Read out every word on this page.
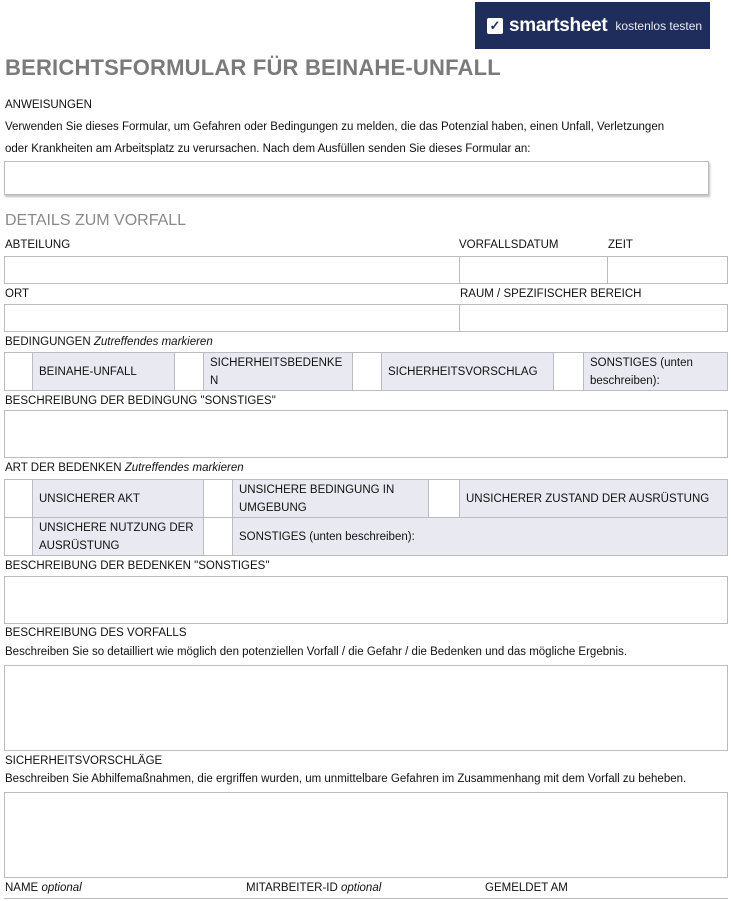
✓ smartsheet kostenlos testen
BERICHTSFORMULAR FÜR BEINAHE-UNFALL
ANWEISUNGEN
Verwenden Sie dieses Formular, um Gefahren oder Bedingungen zu melden, die das Potenzial haben, einen Unfall, Verletzungen
oder Krankheiten am Arbeitsplatz zu verursachen. Nach dem Ausfüllen senden Sie dieses Formular an:
DETAILS ZUM VORFALL
ABTEILUNG	VORFALLSDATUM	ZEIT
ORT	RAUM / SPEZIFISCHER BEREICH
BEDINGUNGEN Zutreffendes markieren
BEINAHE-UNFALL
SICHERHEITSBEDENKEN
SICHERHEITSVORSCHLAG
SONSTIGES (unten beschreiben):
BESCHREIBUNG DER BEDINGUNG "SONSTIGES"
ART DER BEDENKEN Zutreffendes markieren
UNSICHERER AKT
UNSICHERE BEDINGUNG IN UMGEBUNG
UNSICHERER ZUSTAND DER AUSRÜSTUNG
UNSICHERE NUTZUNG DER AUSRÜSTUNG
SONSTIGES (unten beschreiben):
BESCHREIBUNG DER BEDENKEN "SONSTIGES"
BESCHREIBUNG DES VORFALLS
Beschreiben Sie so detailliert wie möglich den potenziellen Vorfall / die Gefahr / die Bedenken und das mögliche Ergebnis.
SICHERHEITSVORSCHLÄGE
Beschreiben Sie Abhilfemaßnahmen, die ergriffen wurden, um unmittelbare Gefahren im Zusammenhang mit dem Vorfall zu beheben.
NAME optional	MITARBEITER-ID optional	GEMELDET AM
